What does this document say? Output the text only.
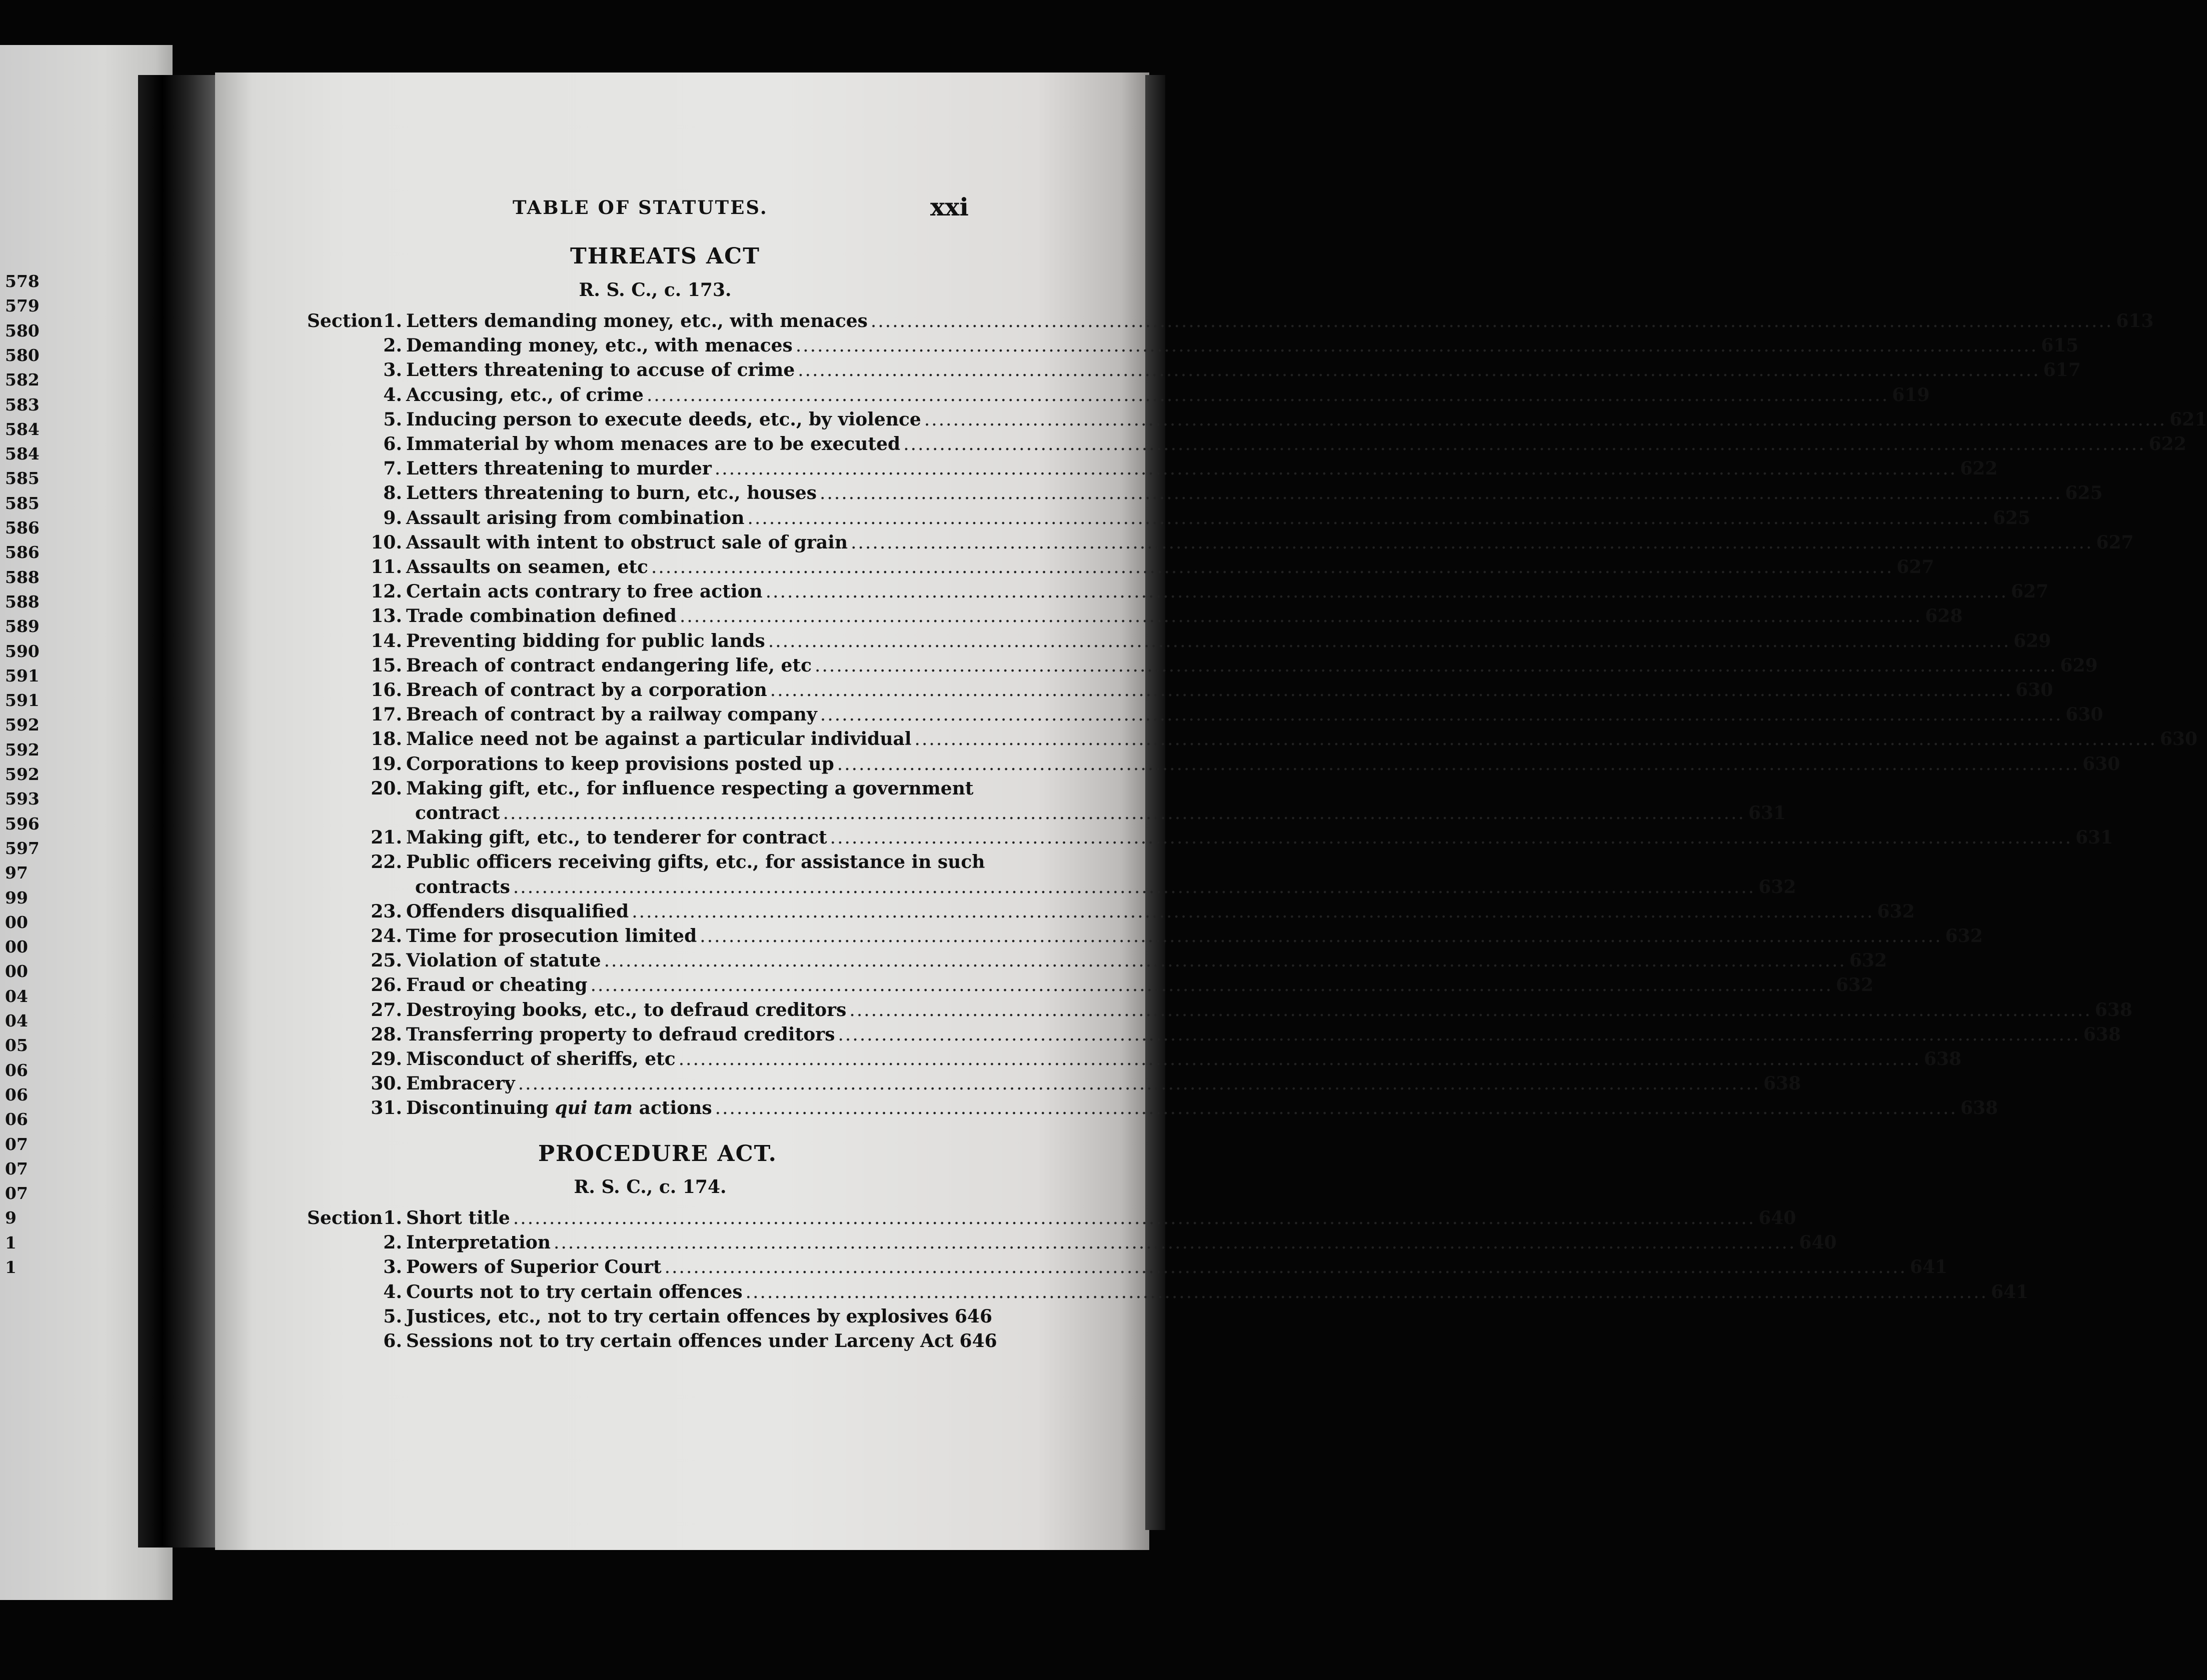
578
579
580
580
582
583
584
584
585
585
586
586
588
588
589
590
591
591
592
592
592
593
596
597
97
99
00
00
00
04
04
05
06
06
06
07
07
07
9
1
1
TABLE OF STATUTES.	xxi
THREATS ACT
R. S. C., c. 173.
Section 1. Letters demanding money, etc., with menaces .....	613
2. Demanding money, etc., with menaces .....	615
3. Letters threatening to accuse of crime .....	617
4. Accusing, etc., of crime .....	619
5. Inducing person to execute deeds, etc., by violence .....	621
6. Immaterial by whom menaces are to be executed .....	622
7. Letters threatening to murder .....	622
8. Letters threatening to burn, etc., houses .....	625
9. Assault arising from combination .....	625
10. Assault with intent to obstruct sale of grain .....	627
11. Assaults on seamen, etc .....	627
12. Certain acts contrary to free action .....	627
13. Trade combination defined .....	628
14. Preventing bidding for public lands .....	629
15. Breach of contract endangering life, etc .....	629
16. Breach of contract by a corporation .....	630
17. Breach of contract by a railway company .....	630
18. Malice need not be against a particular individual .....	630
19. Corporations to keep provisions posted up .....	630
20. Making gift, etc., for influence respecting a government
contract .....	631
21. Making gift, etc., to tenderer for contract .....	631
22. Public officers receiving gifts, etc., for assistance in such
contracts .....	632
23. Offenders disqualified .....	632
24. Time for prosecution limited .....	632
25. Violation of statute .....	632
26. Fraud or cheating .....	632
27. Destroying books, etc., to defraud creditors .....	638
28. Transferring property to defraud creditors .....	638
29. Misconduct of sheriffs, etc .....	638
30. Embracery .....	638
31. Discontinuing qui tam actions .....	638
PROCEDURE ACT.
R. S. C., c. 174.
Section 1. Short title .....	640
2. Interpretation .....	640
3. Powers of Superior Court .....	641
4. Courts not to try certain offences .....	641
5. Justices, etc., not to try certain offences by explosives 646
6. Sessions not to try certain offences under Larceny Act 646
